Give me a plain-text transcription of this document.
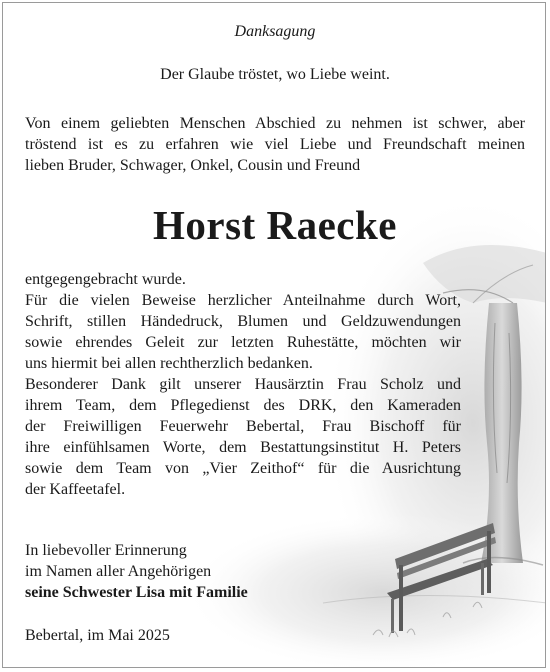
Danksagung
Der Glaube tröstet, wo Liebe weint.
Von einem geliebten Menschen Abschied zu nehmen ist schwer, aber
tröstend ist es zu erfahren wie viel Liebe und Freundschaft meinen
lieben Bruder, Schwager, Onkel, Cousin und Freund
Horst Raecke
entgegengebracht wurde.
Für die vielen Beweise herzlicher Anteilnahme durch Wort,
Schrift, stillen Händedruck, Blumen und Geldzuwendungen
sowie ehrendes Geleit zur letzten Ruhestätte, möchten wir
uns hiermit bei allen rechtherzlich bedanken.
Besonderer Dank gilt unserer Hausärztin Frau Scholz und
ihrem Team, dem Pflegedienst des DRK, den Kameraden
der Freiwilligen Feuerwehr Bebertal, Frau Bischoff für
ihre einfühlsamen Worte, dem Bestattungsinstitut H. Peters
sowie dem Team von „Vier Zeithof“ für die Ausrichtung
der Kaffeetafel.
In liebevoller Erinnerung
im Namen aller Angehörigen
seine Schwester Lisa mit Familie
Bebertal, im Mai 2025
